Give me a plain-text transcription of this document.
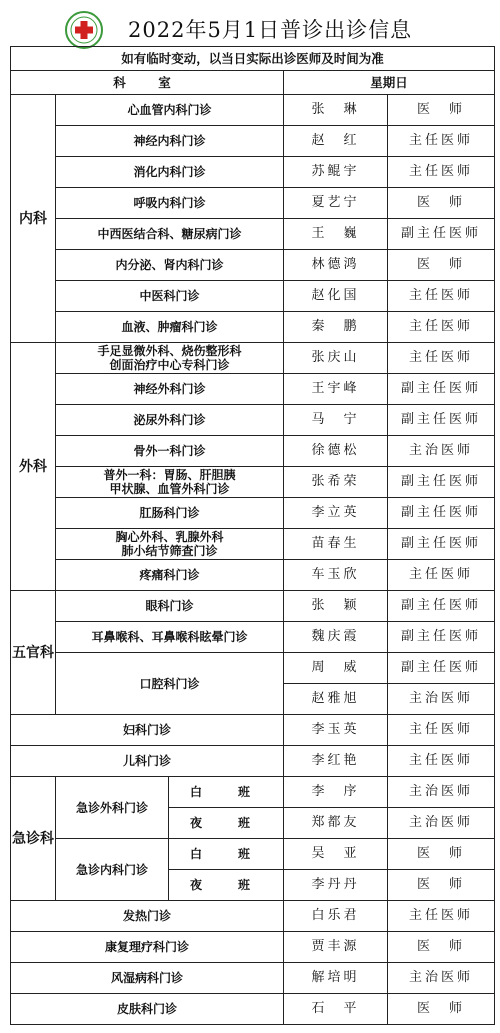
2022年5月1日普诊出诊信息
如有临时变动，以当日实际出诊医师及时间为准				
科　室			星期日	
内科	心血管内科门诊		张　琳	医　师
	神经内科门诊		赵　红	主任医师
	消化内科门诊		苏鲲宇	主任医师
	呼吸内科门诊		夏艺宁	医　师
	中西医结合科、糖尿病门诊		王　巍	副主任医师
	内分泌、肾内科门诊		林德鸿	医　师
	中医科门诊		赵化国	主任医师
	血液、肿瘤科门诊		秦　鹏	主任医师
外科	手足显微外科、烧伤整形科
创面治疗中心专科门诊		张庆山	主任医师
	神经外科门诊		王宇峰	副主任医师
	泌尿外科门诊		马　宁	副主任医师
	骨外一科门诊		徐德松	主治医师

	普外一科：胃肠、肝胆胰
甲状腺、血管外科门诊		张希荣	副主任医师
	肛肠科门诊		李立英	副主任医师

	胸心外科、乳腺外科
肺小结节筛查门诊		苗春生	副主任医师
	疼痛科门诊		车玉欣	主任医师
五官科	眼科门诊		张　颖	副主任医师
	耳鼻喉科、耳鼻喉科眩晕门诊		魏庆霞	副主任医师
	口腔科门诊		周　威	副主任医师
			赵雅旭	主治医师
妇科门诊			李玉英	主任医师
儿科门诊			李红艳	主任医师
急诊科	急诊外科门诊	白　班	李　序	主治医师
		夜　班	郑都友	主治医师
	急诊内科门诊	白　班	吴　亚	医　师
		夜　班	李丹丹	医　师
发热门诊			白乐君	主任医师
康复理疗科门诊			贾丰源	医　师
风湿病科门诊			解培明	主治医师
皮肤科门诊			石　平	医　师
